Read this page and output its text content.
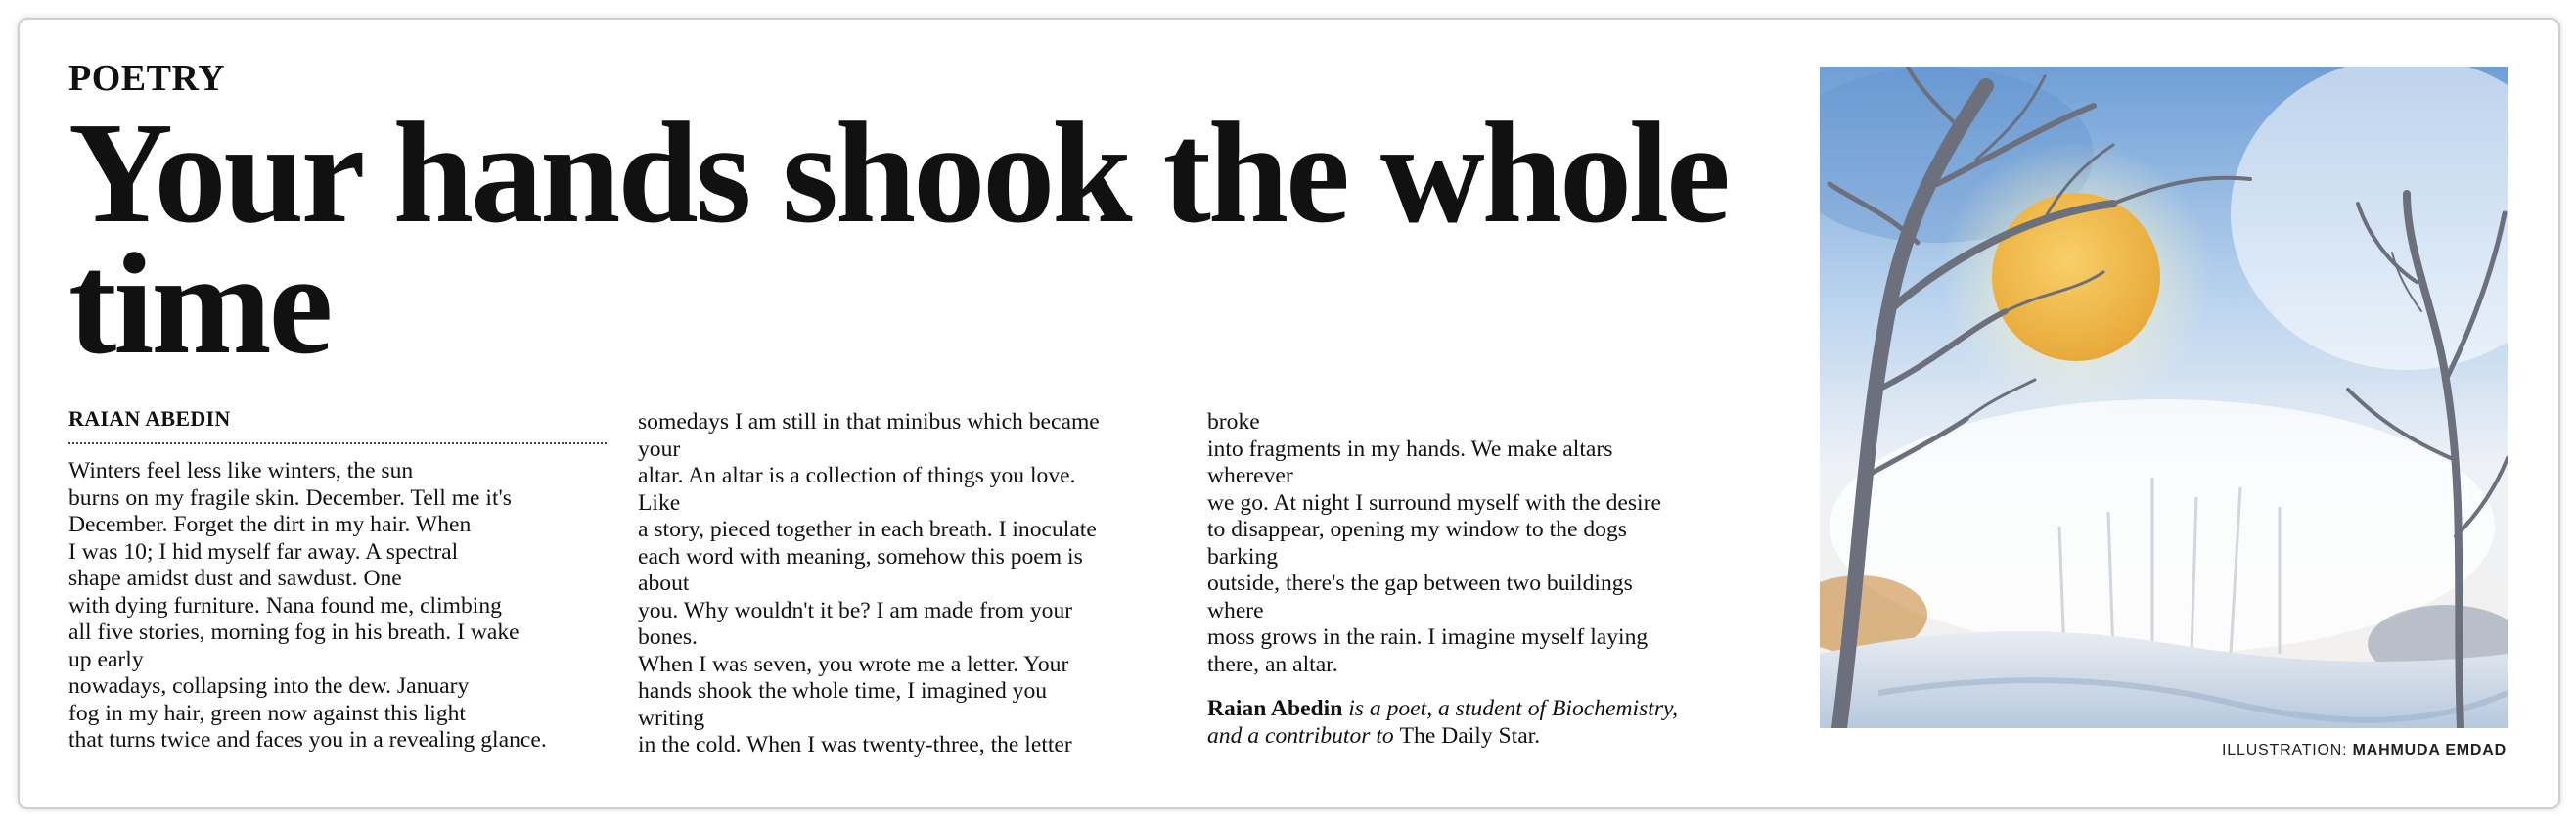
POETRY
Your hands shook the whole time
RAIAN ABEDIN
Winters feel less like winters, the sun
burns on my fragile skin. December. Tell me it's
December. Forget the dirt in my hair. When
I was 10; I hid myself far away. A spectral
shape amidst dust and sawdust. One
with dying furniture. Nana found me, climbing
all five stories, morning fog in his breath. I wake
up early
nowadays, collapsing into the dew. January
fog in my hair, green now against this light
that turns twice and faces you in a revealing glance.
somedays I am still in that minibus which became
your
altar. An altar is a collection of things you love.
Like
a story, pieced together in each breath. I inoculate
each word with meaning, somehow this poem is
about
you. Why wouldn't it be? I am made from your
bones.
When I was seven, you wrote me a letter. Your
hands shook the whole time, I imagined you
writing
in the cold. When I was twenty-three, the letter
broke
into fragments in my hands. We make altars
wherever
we go. At night I surround myself with the desire
to disappear, opening my window to the dogs
barking
outside, there's the gap between two buildings
where
moss grows in the rain. I imagine myself laying
there, an altar.

Raian Abedin is a poet, a student of Biochemistry,
and a contributor to The Daily Star.

ILLUSTRATION: MAHMUDA EMDAD
